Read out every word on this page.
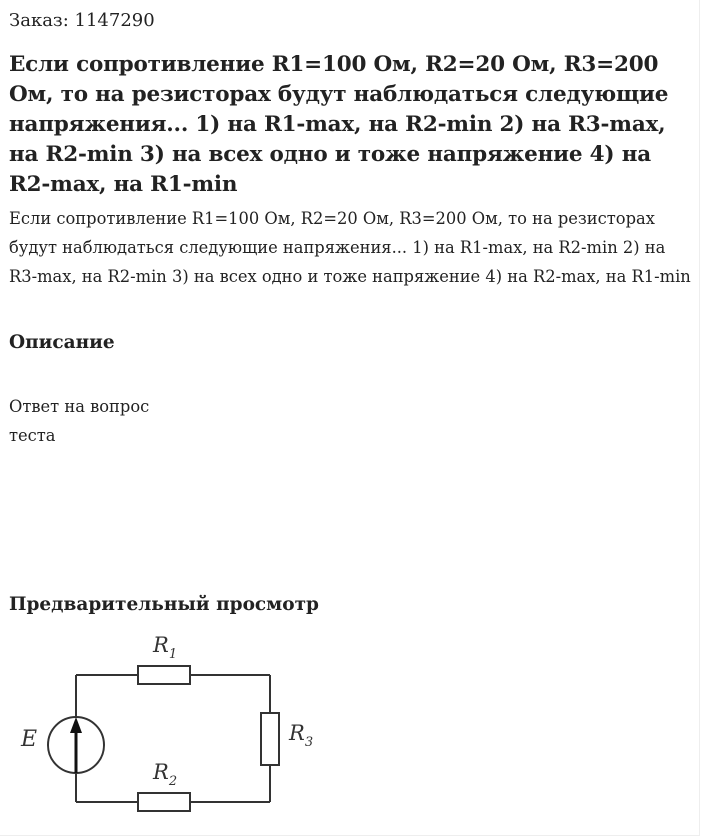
Заказ: 1147290
Если сопротивление R1=100 Ом, R2=20 Ом, R3=200 Ом, то на резисторах будут наблюдаться следующие напряжения... 1) на R1-max, на R2-min 2) на R3-max, на R2-min 3) на всех одно и тоже напряжение 4) на R2-max, на R1-min

Если сопротивление R1=100 Ом, R2=20 Ом, R3=200 Ом, то на резисторах будут наблюдаться следующие напряжения... 1) на R1-max, на R2-min 2) на R3-max, на R2-min 3) на всех одно и тоже напряжение 4) на R2-max, на R1-min

Описание
Ответ на вопрос теста
Предварительный просмотр
E
$R_1$
$R_2$
$R_3$
